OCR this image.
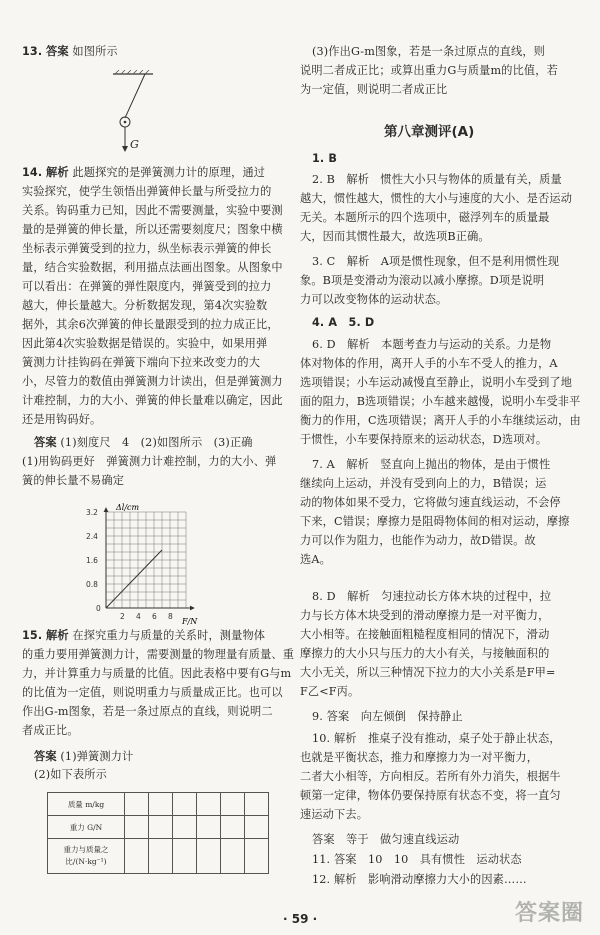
13. 答案 如图所示
G
14. 解析 此题探究的是弹簧测力计的原理，通过
实验探究，使学生领悟出弹簧伸长量与所受拉力的
关系。钩码重力已知，因此不需要测量，实验中要测
量的是弹簧的伸长量，所以还需要刻度尺；图象中横
坐标表示弹簧受到的拉力，纵坐标表示弹簧的伸长
量，结合实验数据，利用描点法画出图象。从图象中
可以看出：在弹簧的弹性限度内，弹簧受到的拉力
越大，伸长量越大。分析数据发现，第4次实验数
据外，其余6次弹簧的伸长量跟受到的拉力成正比，
因此第4次实验数据是错误的。实验中，如果用弹
簧测力计挂钩码在弹簧下端向下拉来改变力的大
小，尽管力的数值由弹簧测力计读出，但是弹簧测力
计难控制，力的大小、弹簧的伸长量难以确定，因此
还是用钩码好。
答案 (1)刻度尺　4　(2)如图所示　(3)正确
(1)用钩码更好　弹簧测力计难控制，力的大小、弹
簧的伸长量不易确定
0.8
1.6
2.4
3.2
0
2 4 6 8
Δl/cm
F/N
15. 解析 在探究重力与质量的关系时，测量物体
的重力要用弹簧测力计，需要测量的物理量有质量、重
力，并计算重力与质量的比值。因此表格中要有G与m
的比值为一定值，则说明重力与质量成正比。也可以
作出G-m图象，若是一条过原点的直线，则说明二
者成正比。
答案 (1)弹簧测力计
(2)如下表所示
质量 m/kg						
重力 G/N						
重力与质量之
比/(N·kg⁻¹)						
(3)作出G-m图象，若是一条过原点的直线，则
说明二者成正比；或算出重力G与质量m的比值，若
为一定值，则说明二者成正比
第八章测评(A)
1. B
2. B　解析　惯性大小只与物体的质量有关，质量
越大，惯性越大，惯性的大小与速度的大小、是否运动
无关。本题所示的四个选项中，磁浮列车的质量最
大，因而其惯性最大，故选项B正确。
3. C　解析　A项是惯性现象，但不是利用惯性现
象。B项是变滑动为滚动以减小摩擦。D项是说明
力可以改变物体的运动状态。
4. A　5. D
6. D　解析　本题考查力与运动的关系。力是物
体对物体的作用，离开人手的小车不受人的推力，A
选项错误；小车运动减慢直至静止，说明小车受到了地
面的阻力，B选项错误；小车越来越慢，说明小车受非平
衡力的作用，C选项错误；离开人手的小车继续运动，由
于惯性，小车要保持原来的运动状态，D选项对。
7. A　解析　竖直向上抛出的物体，是由于惯性
继续向上运动，并没有受到向上的力，B错误；运
动的物体如果不受力，它将做匀速直线运动，不会停
下来，C错误；摩擦力是阻碍物体间的相对运动，摩擦
力可以作为阻力，也能作为动力，故D错误。故
选A。
8. D　解析　匀速拉动长方体木块的过程中，拉
力与长方体木块受到的滑动摩擦力是一对平衡力，
大小相等。在接触面粗糙程度相同的情况下，滑动
摩擦力的大小只与压力的大小有关，与接触面积的
大小无关，所以三种情况下拉力的大小关系是F甲=
F乙<F丙。
9. 答案　向左倾倒　保持静止
10. 解析　推桌子没有推动，桌子处于静止状态，
也就是平衡状态，推力和摩擦力为一对平衡力，
二者大小相等，方向相反。若所有外力消失，根据牛
顿第一定律，物体仍要保持原有状态不变，将一直匀
速运动下去。
答案　等于　做匀速直线运动
11. 答案　10　10　具有惯性　运动状态
12. 解析　影响滑动摩擦力大小的因素……
· 59 ·	答案圈
